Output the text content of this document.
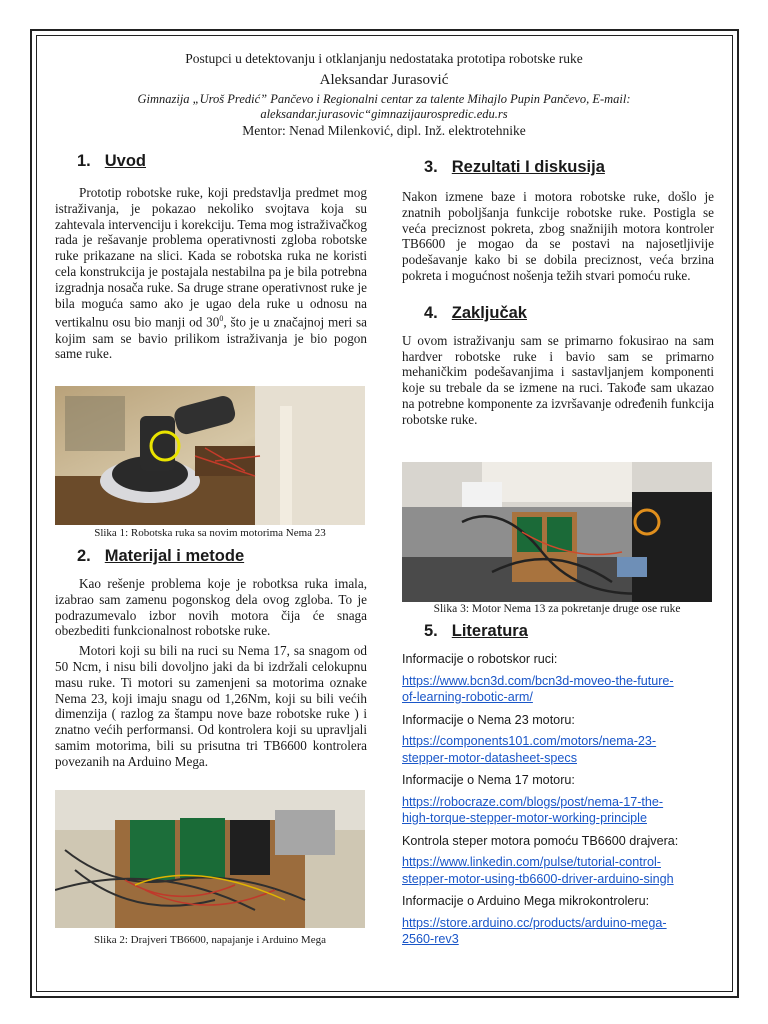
Postupci u detektovanju i otklanjanju nedostataka prototipa robotske ruke
Aleksandar Jurasović
Gimnazija „Uroš Predić” Pančevo i Regionalni centar za talente Mihajlo Pupin Pančevo, E-mail:
aleksandar.jurasovic“gimnazijaurospredic.edu.rs
Mentor: Nenad Milenković, dipl. Inž. elektrotehnike
1. Uvod

Prototip robotske ruke, koji predstavlja predmet mog istraživanja, je pokazao nekoliko svojtava koja su zahtevala intervenciju i korekciju. Tema mog istraživačkog rada je rešavanje problema operativnosti zgloba robotske ruke prikazane na slici. Kada se robotska ruka ne koristi cela konstrukcija je postajala nestabilna pa je bila potrebna izgradnja nosača ruke. Sa druge strane operativnost ruke je bila moguća samo ako je ugao dela ruke u odnosu na vertikalnu osu bio manji od $30^0$, što je u značajnoj meri sa kojim sam se bavio prilikom istraživanja je bio pogon same ruke.

Slika 1: Robotska ruka sa novim motorima Nema 23
2. Materijal i metode

Kao rešenje problema koje je robotksa ruka imala, izabrao sam zamenu pogonskog dela ovog zgloba. To je podrazumevalo izbor novih motora čija će snaga obezbediti funkcionalnost robotske ruke.

Motori koji su bili na ruci su Nema 17, sa snagom od 50 Ncm, i nisu bili dovoljno jaki da bi izdržali celokupnu masu ruke. Ti motori su zamenjeni sa motorima oznake Nema 23, koji imaju snagu od 1,26Nm, koji su bili većih dimenzija ( razlog za štampu nove baze robotske ruke ) i znatno većih performansi. Od kontrolera koji su upravljali samim motorima, bili su prisutna tri TB6600 kontrolera povezanih na Arduino Mega.

Slika 2: Drajveri TB6600, napajanje i Arduino Mega
3. Rezultati I diskusija

Nakon izmene baze i motora robotske ruke, došlo je znatnih poboljšanja funkcije robotske ruke. Postigla se veća preciznost pokreta, zbog snažnijih motora kontroler TB6600 je mogao da se postavi na najosetljivije podešavanje kako bi se dobila preciznost, veća brzina pokreta i mogućnost nošenja težih stvari pomoću ruke.

4. Zaključak

U ovom istraživanju sam se primarno fokusirao na sam hardver robotske ruke i bavio sam se primarno mehaničkim podešavanjima i sastavljanjem komponenti koje su trebale da se izmene na ruci. Takođe sam ukazao na potrebne komponente za izvršavanje određenih funkcija robotske ruke.

Slika 3: Motor Nema 13 za pokretanje druge ose ruke
5. Literatura
Informacije o robotskor ruci:
https://www.bcn3d.com/bcn3d-moveo-the-future-
of-learning-robotic-arm/
Informacije o Nema 23 motoru:
https://components101.com/motors/nema-23-
stepper-motor-datasheet-specs
Informacije o Nema 17 motoru:
https://robocraze.com/blogs/post/nema-17-the-
high-torque-stepper-motor-working-principle
Kontrola steper motora pomoću TB6600 drajvera:
https://www.linkedin.com/pulse/tutorial-control-
stepper-motor-using-tb6600-driver-arduino-singh
Informacije o Arduino Mega mikrokontroleru:
https://store.arduino.cc/products/arduino-mega-
2560-rev3
